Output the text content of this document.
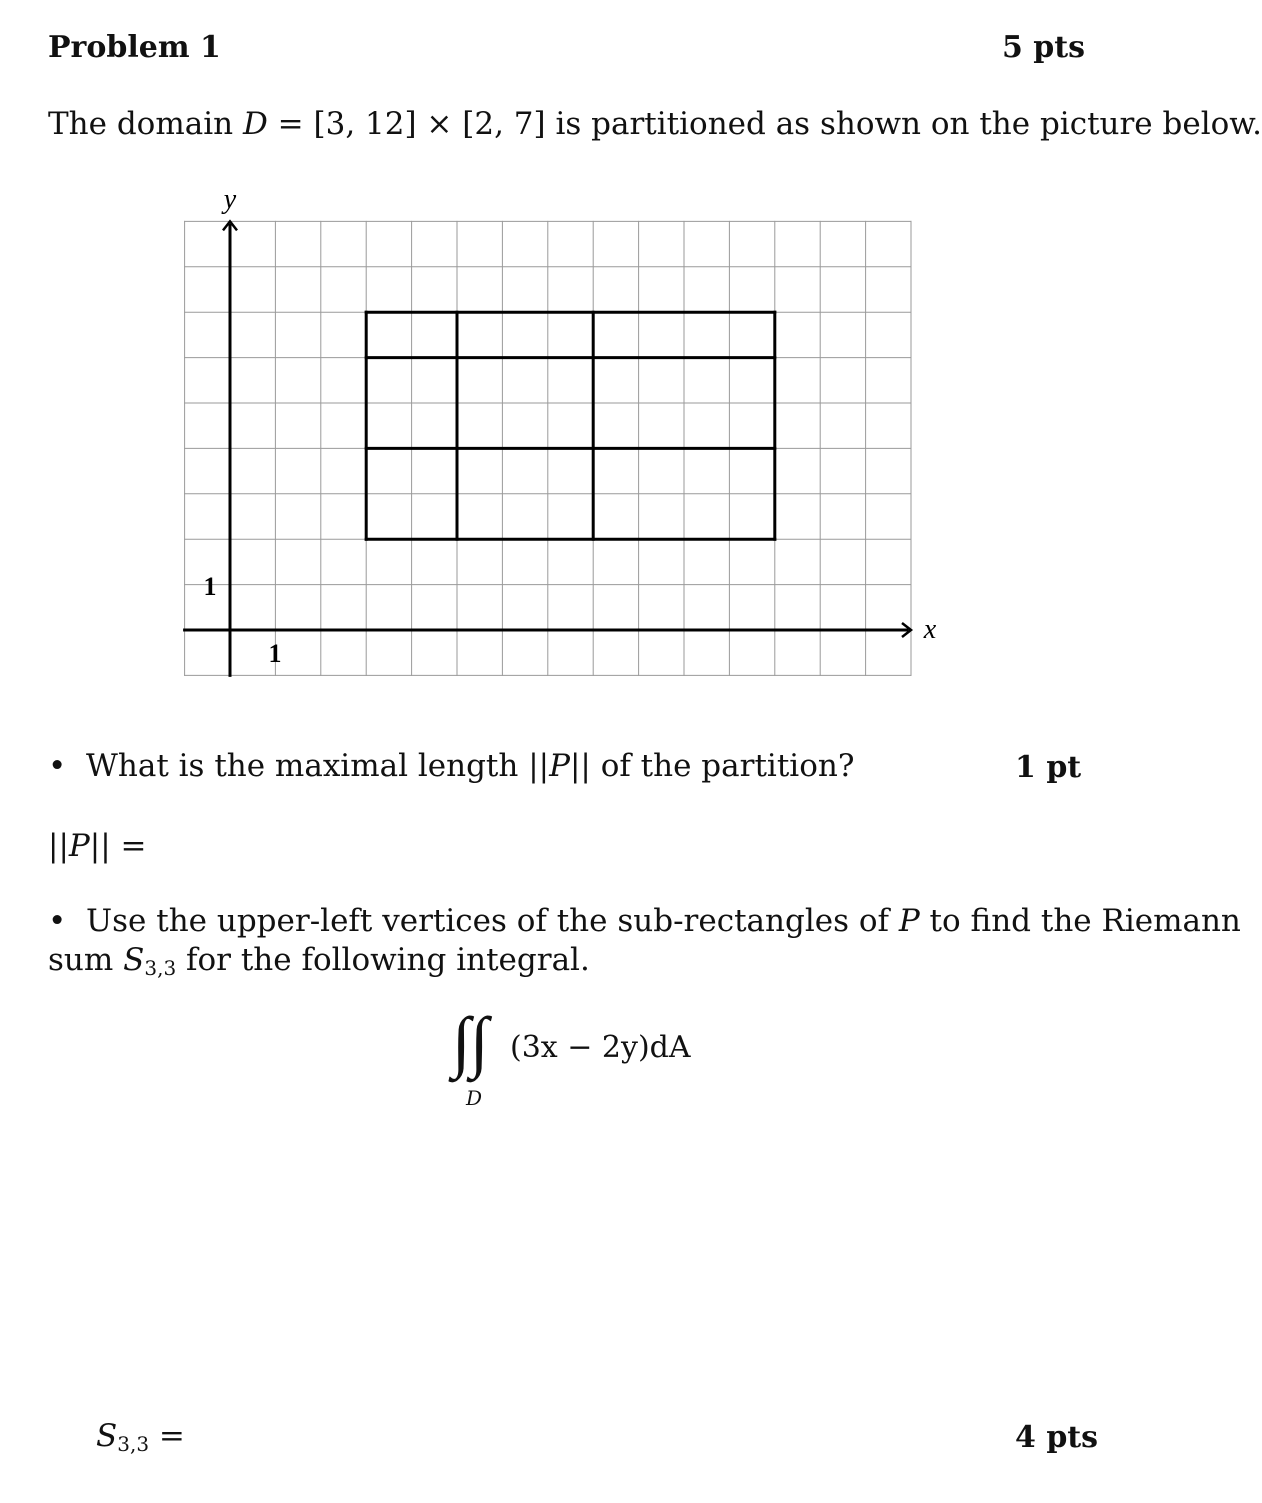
Problem 1	5 pts
The domain D = [3, 12] × [2, 7] is partitioned as shown on the picture below.
y
x
1
1
• What is the maximal length ||P|| of the partition?	1 pt
||P|| =
• Use the upper-left vertices of the sub-rectangles of P to find the Riemann
sum $S_{3,3}$ for the following integral.
∫ ∫ (3x − 2y)dA
D
$S_{3,3}$ =	4 pts
